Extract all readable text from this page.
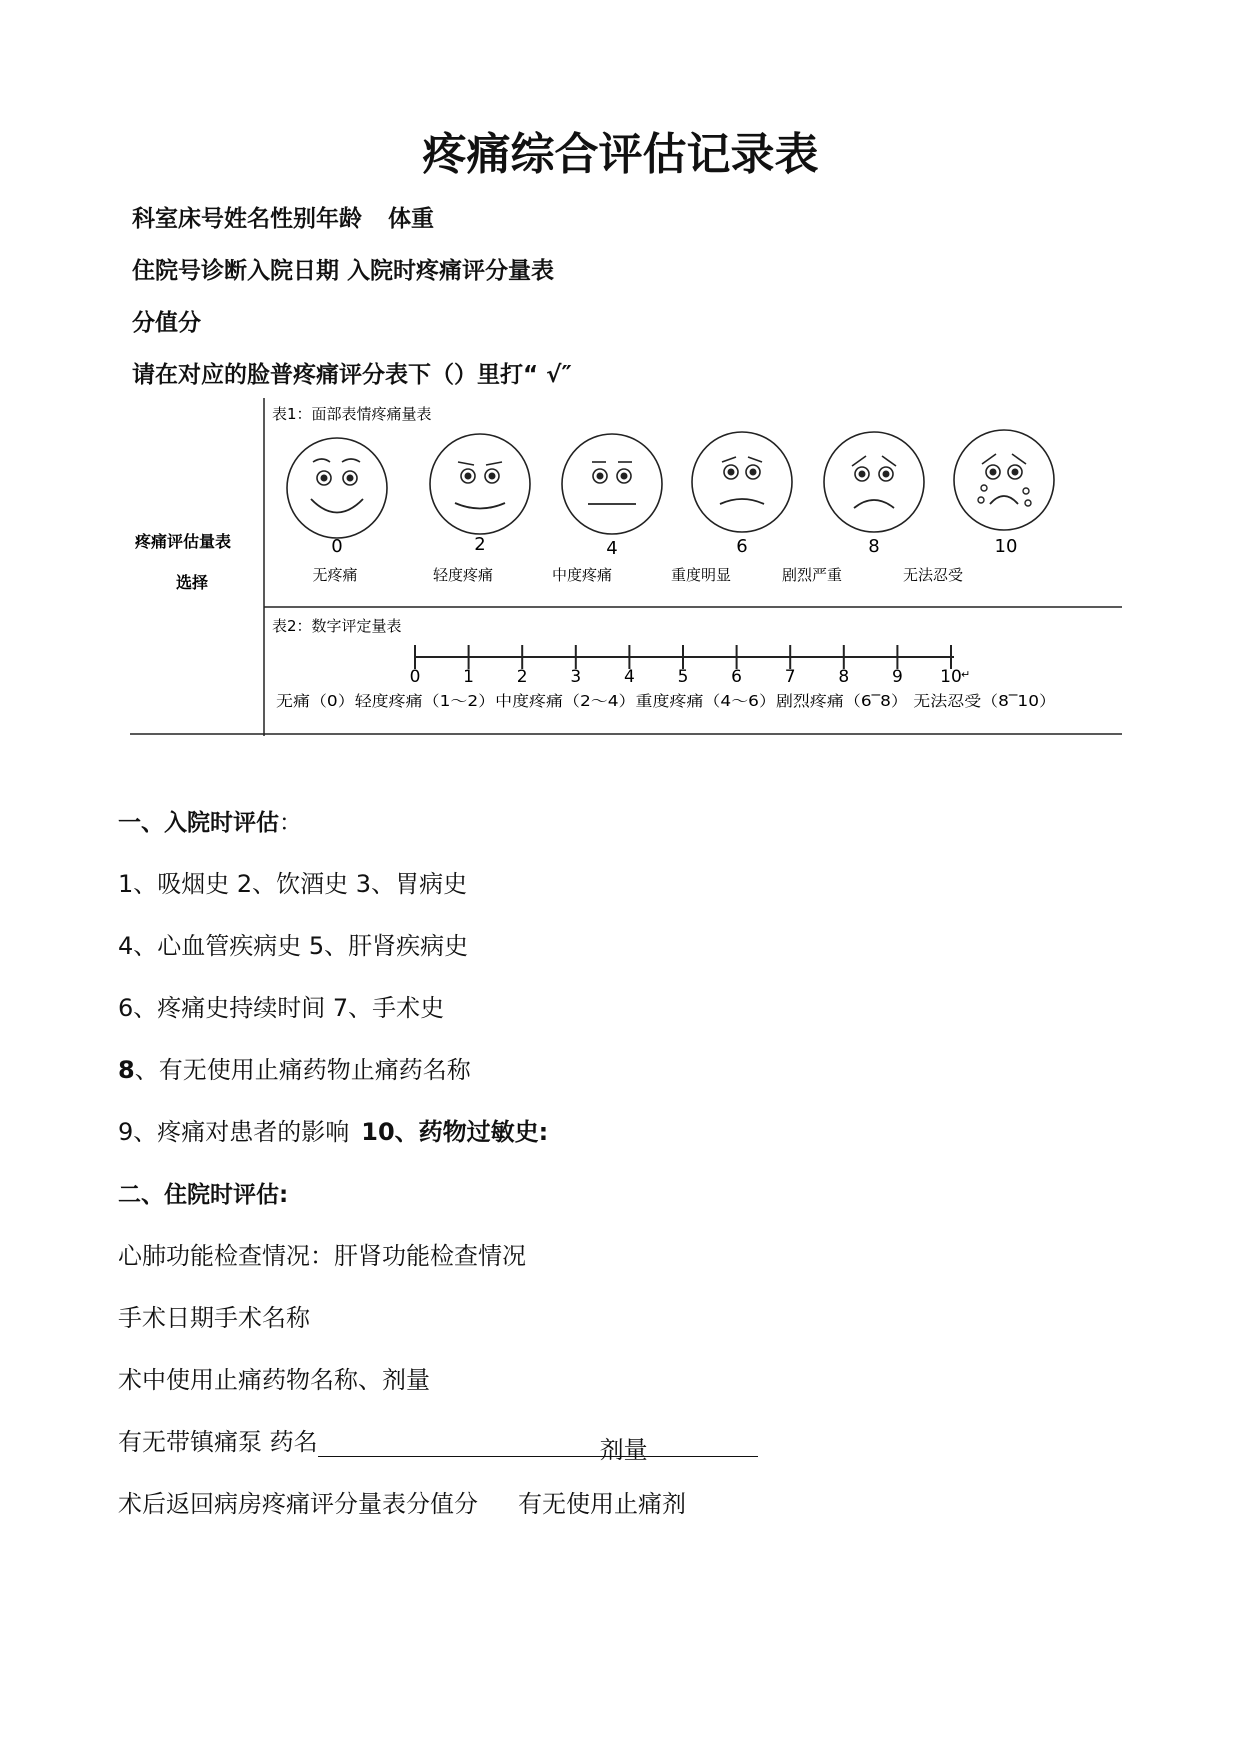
疼痛综合评估记录表
科室床号姓名性别年龄 体重
住院号诊断入院日期 入院时疼痛评分量表
分值分
请在对应的脸普疼痛评分表下（）里打“ √″
疼痛评估量表
选择
表1：面部表情疼痛量表
0	2	4	6	8	10
无疼痛	轻度疼痛	中度疼痛	重度明显	剧烈严重	无法忍受
表2：数字评定量表
0	1	2	3	4	5	6	7	8	9 10 ↵
无痛（0）轻度疼痛（1～2）中度疼痛（2～4）重度疼痛（4～6）剧烈疼痛（6‾8） 无法忍受（8‾10）
一、入院时评估：
1、吸烟史 2、饮酒史 3、胃病史
4、心血管疾病史 5、肝肾疾病史
6、疼痛史持续时间 7、手术史
8、有无使用止痛药物止痛药名称
9、疼痛对患者的影响 10、药物过敏史:
二、住院时评估:
心肺功能检查情况：肝肾功能检查情况
手术日期手术名称
术中使用止痛药物名称、剂量
有无带镇痛泵 药名	剂量
术后返回病房疼痛评分量表分值分 有无使用止痛剂
